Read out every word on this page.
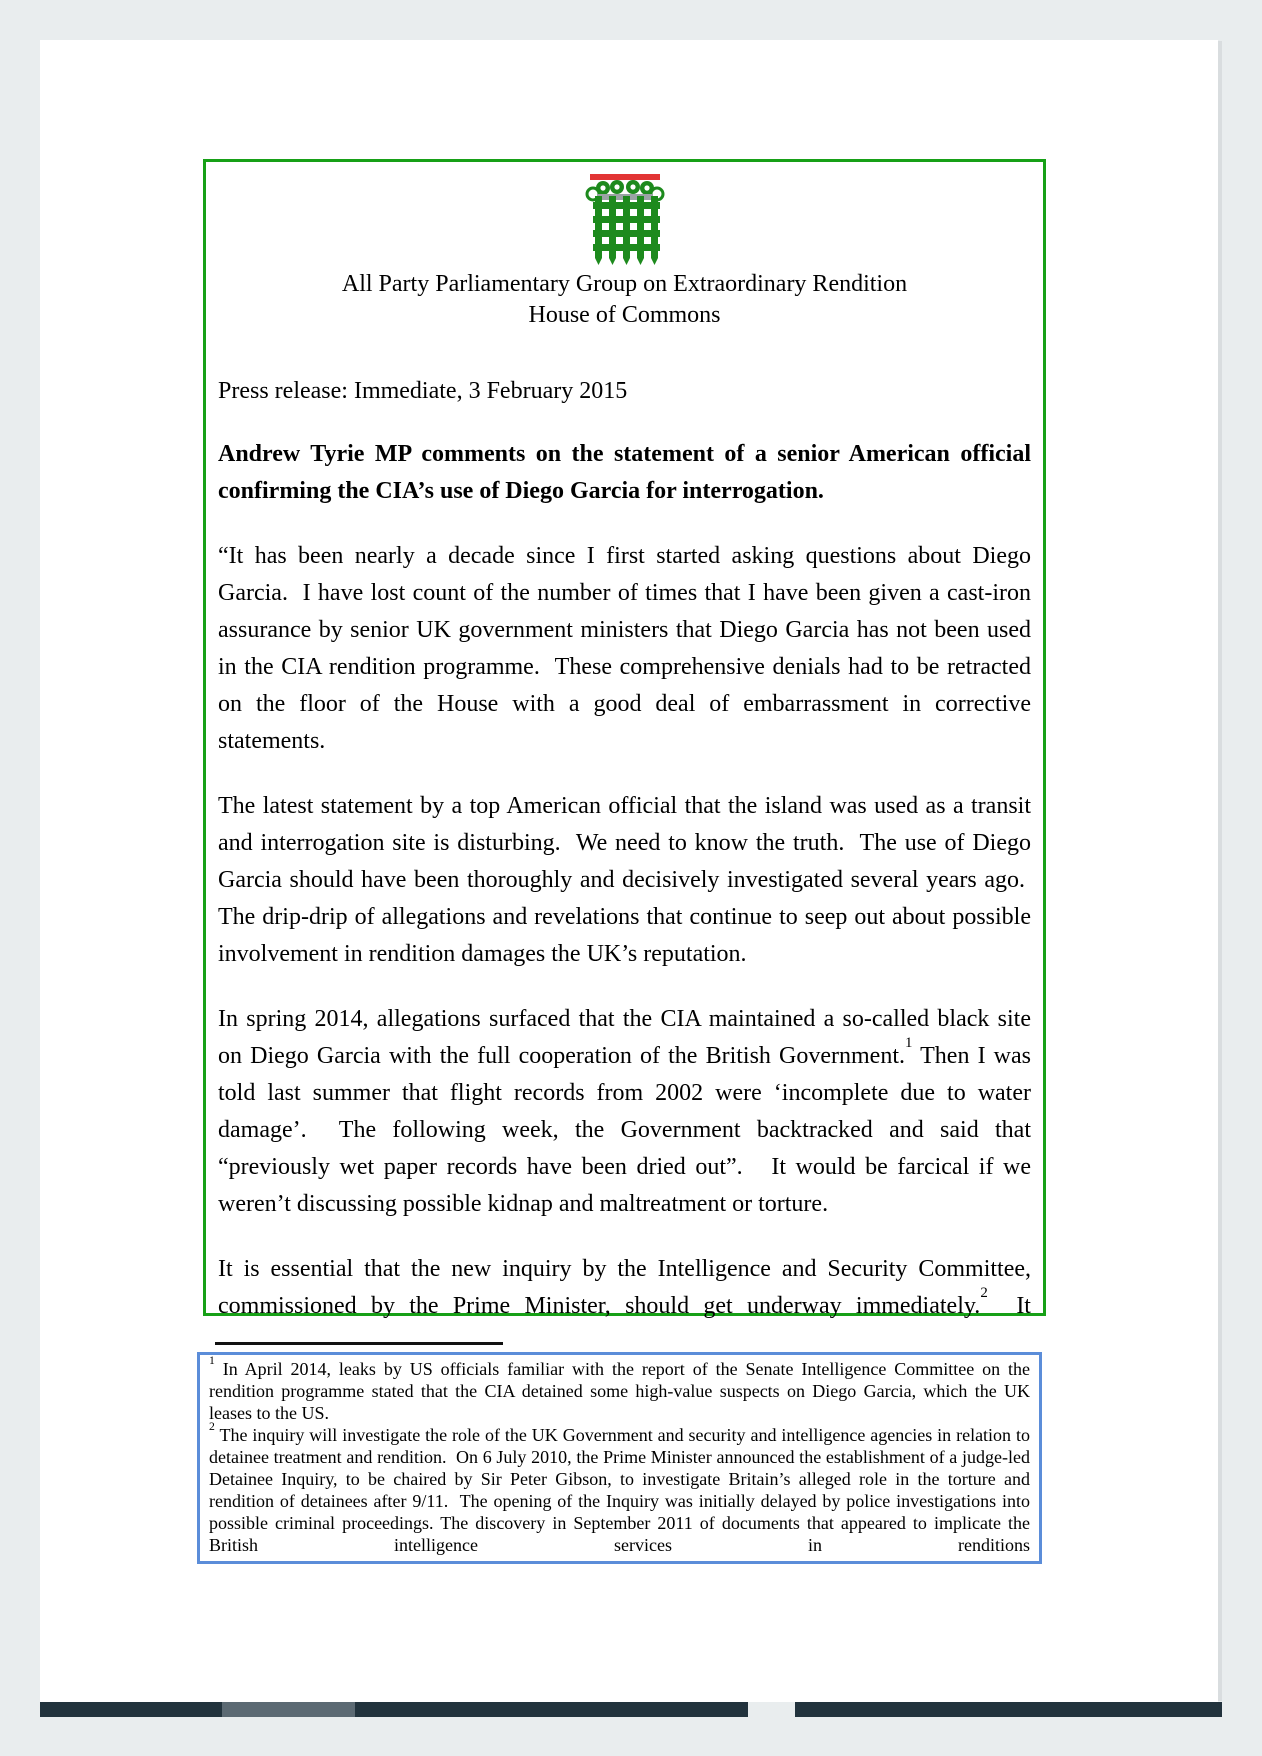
All Party Parliamentary Group on Extraordinary Rendition
House of Commons

Press release: Immediate, 3 February 2015

Andrew Tyrie MP comments on the statement of a senior American official confirming the CIA’s use of Diego Garcia for interrogation.

“It has been nearly a decade since I first started asking questions about Diego Garcia.  I have lost count of the number of times that I have been given a cast-iron assurance by senior UK government ministers that Diego Garcia has not been used in the CIA rendition programme.  These comprehensive denials had to be retracted on the floor of the House with a good deal of embarrassment in corrective statements.

The latest statement by a top American official that the island was used as a transit and interrogation site is disturbing.  We need to know the truth.  The use of Diego Garcia should have been thoroughly and decisively investigated several years ago.  The drip-drip of allegations and revelations that continue to seep out about possible involvement in rendition damages the UK’s reputation.

In spring 2014, allegations surfaced that the CIA maintained a so-called black site on Diego Garcia with the full cooperation of the British Government.$^1$ Then I was told last summer that flight records from 2002 were ‘incomplete due to water damage’.  The following week, the Government backtracked and said that “previously wet paper records have been dried out”.   It would be farcical if we weren’t discussing possible kidnap and maltreatment or torture.

It is essential that the new inquiry by the Intelligence and Security Committee, commissioned by the Prime Minister, should get underway immediately.$^2$  It

$^1$ In April 2014, leaks by US officials familiar with the report of the Senate Intelligence Committee on the rendition programme stated that the CIA detained some high-value suspects on Diego Garcia, which the UK leases to the US.

$^2$ The inquiry will investigate the role of the UK Government and security and intelligence agencies in relation to detainee treatment and rendition.  On 6 July 2010, the Prime Minister announced the establishment of a judge-led Detainee Inquiry, to be chaired by Sir Peter Gibson, to investigate Britain’s alleged role in the torture and rendition of detainees after 9/11.  The opening of the Inquiry was initially delayed by police investigations into possible criminal proceedings. The discovery in September 2011 of documents that appeared to implicate the British intelligence services in renditions
